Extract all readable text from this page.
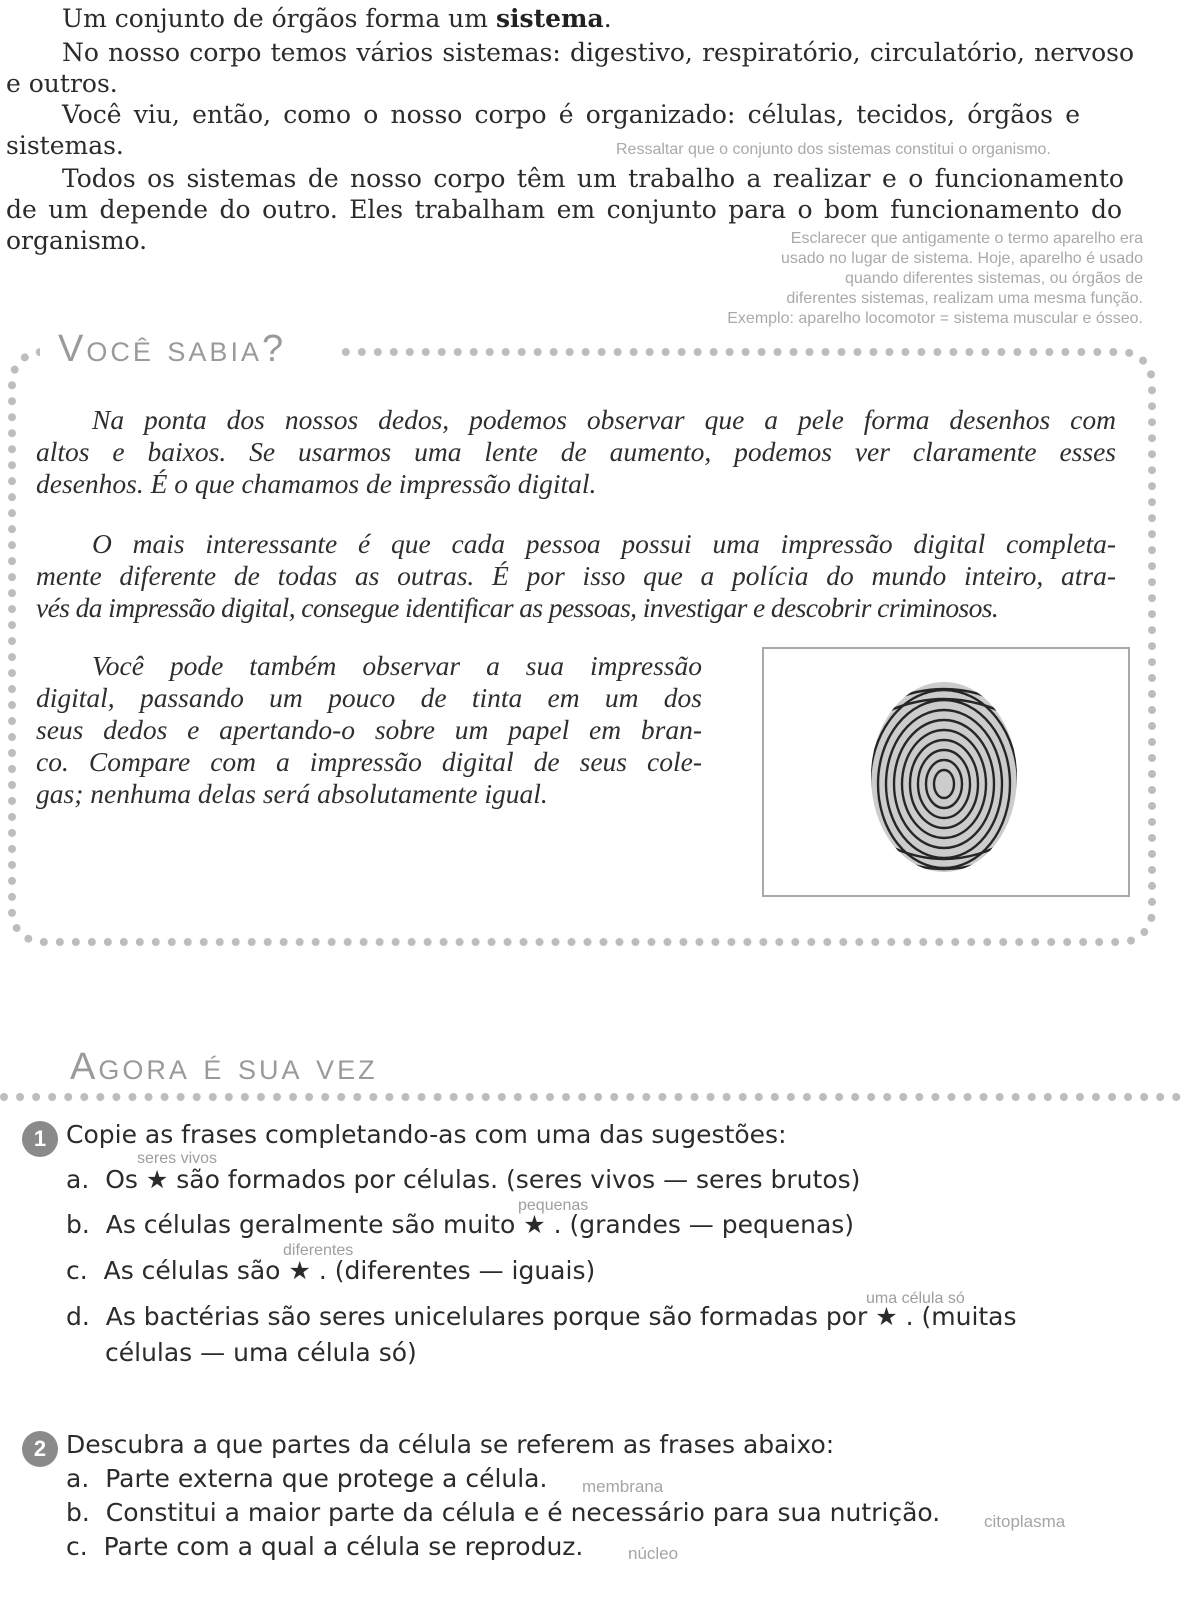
Um conjunto de órgãos forma um sistema.
No nosso corpo temos vários sistemas: digestivo, respiratório, circulatório, nervoso
e outros.
Você viu, então, como o nosso corpo é organizado: células, tecidos, órgãos e
sistemas.	Ressaltar que o conjunto dos sistemas constitui o organismo.
Todos os sistemas de nosso corpo têm um trabalho a realizar e o funcionamento
de um depende do outro. Eles trabalham em conjunto para o bom funcionamento do
organismo.	Esclarecer que antigamente o termo aparelho era
usado no lugar de sistema. Hoje, aparelho é usado
quando diferentes sistemas, ou órgãos de
diferentes sistemas, realizam uma mesma função.
Exemplo: aparelho locomotor = sistema muscular e ósseo.
Você sabia?
Na ponta dos nossos dedos, podemos observar que a pele forma desenhos com
altos e baixos. Se usarmos uma lente de aumento, podemos ver claramente esses
desenhos. É o que chamamos de impressão digital.
O mais interessante é que cada pessoa possui uma impressão digital completa-
mente diferente de todas as outras. É por isso que a polícia do mundo inteiro, atra-
vés da impressão digital, consegue identificar as pessoas, investigar e descobrir criminosos.
Você pode também observar a sua impressão
digital, passando um pouco de tinta em um dos
seus dedos e apertando-o sobre um papel em bran-
co. Compare com a impressão digital de seus cole-
gas; nenhuma delas será absolutamente igual.
Agora é sua vez
1 Copie as frases completando-as com uma das sugestões:
seres vivos
a. Os ★ são formados por células. (seres vivos — seres brutos)
pequenas
b. As células geralmente são muito ★ . (grandes — pequenas)
diferentes
c. As células são ★ . (diferentes — iguais)
uma célula só
d. As bactérias são seres unicelulares porque são formadas por ★ . (muitas
células — uma célula só)
2 Descubra a que partes da célula se referem as frases abaixo:
a. Parte externa que protege a célula. membrana
b. Constitui a maior parte da célula e é necessário para sua nutrição.	citoplasma
c. Parte com a qual a célula se reproduz.	núcleo
